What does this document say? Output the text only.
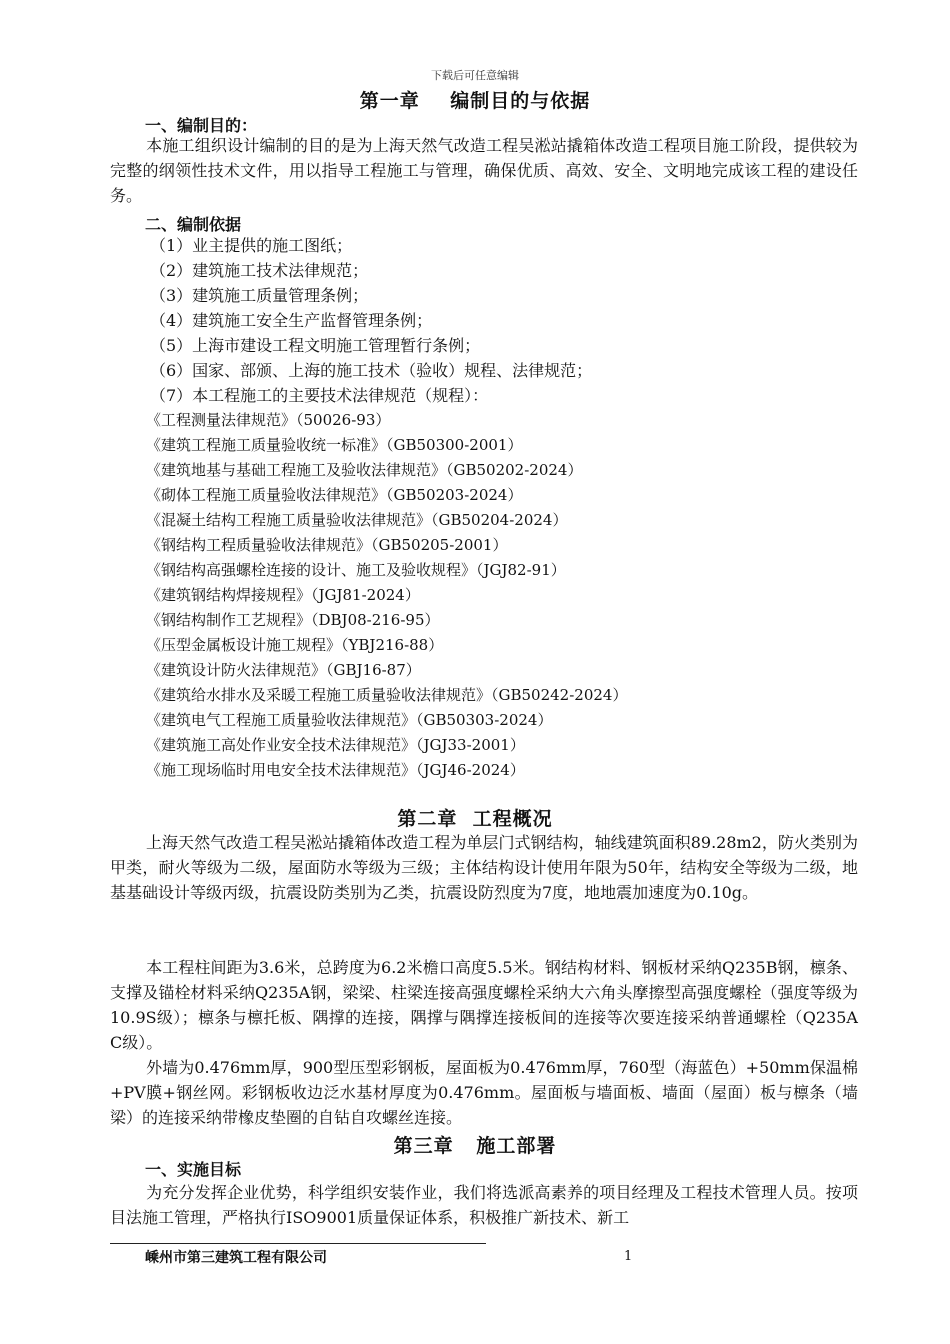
下载后可任意编辑
第一章    编制目的与依据
一、编制目的：

本施工组织设计编制的目的是为上海天然气改造工程吴淞站撬箱体改造工程项目施工阶段，提供较为完整的纲领性技术文件，用以指导工程施工与管理，确保优质、高效、安全、文明地完成该工程的建设任务。

二、编制依据
（1）业主提供的施工图纸；
（2）建筑施工技术法律规范；
（3）建筑施工质量管理条例；
（4）建筑施工安全生产监督管理条例；
（5）上海市建设工程文明施工管理暂行条例；
（6）国家、部颁、上海的施工技术（验收）规程、法律规范；
（7）本工程施工的主要技术法律规范（规程）：
《工程测量法律规范》（50026-93）
《建筑工程施工质量验收统一标准》（GB50300-2001）
《建筑地基与基础工程施工及验收法律规范》（GB50202-2024）
《砌体工程施工质量验收法律规范》（GB50203-2024）
《混凝土结构工程施工质量验收法律规范》（GB50204-2024）
《钢结构工程质量验收法律规范》（GB50205-2001）
《钢结构高强螺栓连接的设计、施工及验收规程》（JGJ82-91）
《建筑钢结构焊接规程》（JGJ81-2024）
《钢结构制作工艺规程》（DBJ08-216-95）
《压型金属板设计施工规程》（YBJ216-88）
《建筑设计防火法律规范》（GBJ16-87）
《建筑给水排水及采暖工程施工质量验收法律规范》（GB50242-2024）
《建筑电气工程施工质量验收法律规范》（GB50303-2024）
《建筑施工高处作业安全技术法律规范》（JGJ33-2001）
《施工现场临时用电安全技术法律规范》（JGJ46-2024）
第二章  工程概况

上海天然气改造工程吴淞站撬箱体改造工程为单层门式钢结构，轴线建筑面积89.28m2，防火类别为甲类，耐火等级为二级，屋面防水等级为三级；主体结构设计使用年限为50年，结构安全等级为二级，地基基础设计等级丙级，抗震设防类别为乙类，抗震设防烈度为7度，地地震加速度为0.10g。

本工程柱间距为3.6米，总跨度为6.2米檐口高度5.5米。钢结构材料、钢板材采纳Q235B钢，檩条、支撑及锚栓材料采纳Q235A钢，梁梁、柱梁连接高强度螺栓采纳大六角头摩擦型高强度螺栓（强度等级为10.9S级）；檩条与檩托板、隅撑的连接，隅撑与隅撑连接板间的连接等次要连接采纳普通螺栓（Q235A C级）。

外墙为0.476mm厚，900型压型彩钢板，屋面板为0.476mm厚，760型（海蓝色）+50mm保温棉+PV膜+钢丝网。彩钢板收边泛水基材厚度为0.476mm。屋面板与墙面板、墙面（屋面）板与檩条（墙梁）的连接采纳带橡皮垫圈的自钻自攻螺丝连接。

第三章   施工部署
一、实施目标

为充分发挥企业优势，科学组织安装作业，我们将选派高素养的项目经理及工程技术管理人员。按项目法施工管理，严格执行ISO9001质量保证体系，积极推广新技术、新工

嵊州市第三建筑工程有限公司	1
